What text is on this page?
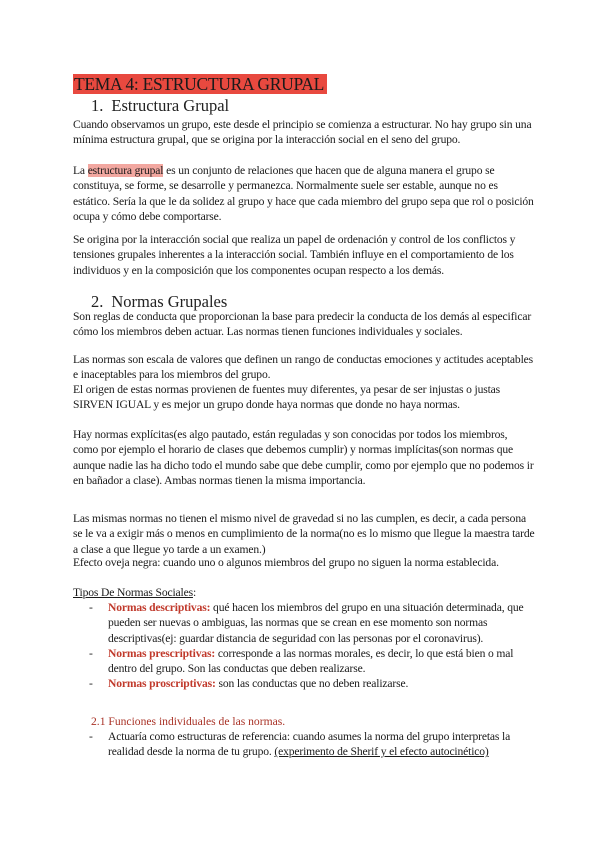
TEMA 4: ESTRUCTURA GRUPAL
1. Estructura Grupal

Cuando observamos un grupo, este desde el principio se comienza a estructurar. No hay grupo sin una mínima estructura grupal, que se origina por la interacción social en el seno del grupo.

La estructura grupal es un conjunto de relaciones que hacen que de alguna manera el grupo se constituya, se forme, se desarrolle y permanezca. Normalmente suele ser estable, aunque no es estático. Sería la que le da solidez al grupo y hace que cada miembro del grupo sepa que rol o posición ocupa y cómo debe comportarse.

Se origina por la interacción social que realiza un papel de ordenación y control de los conflictos y tensiones grupales inherentes a la interacción social. También influye en el comportamiento de los individuos y en la composición que los componentes ocupan respecto a los demás.

2. Normas Grupales

Son reglas de conducta que proporcionan la base para predecir la conducta de los demás al especificar cómo los miembros deben actuar. Las normas tienen funciones individuales y sociales.

Las normas son escala de valores que definen un rango de conductas emociones y actitudes aceptables e inaceptables para los miembros del grupo.

El origen de estas normas provienen de fuentes muy diferentes, ya pesar de ser injustas o justas SIRVEN IGUAL y es mejor un grupo donde haya normas que donde no haya normas.

Hay normas explícitas(es algo pautado, están reguladas y son conocidas por todos los miembros, como por ejemplo el horario de clases que debemos cumplir) y normas implícitas(son normas que aunque nadie las ha dicho todo el mundo sabe que debe cumplir, como por ejemplo que no podemos ir en bañador a clase). Ambas normas tienen la misma importancia.

Las mismas normas no tienen el mismo nivel de gravedad si no las cumplen, es decir, a cada persona se le va a exigir más o menos en cumplimiento de la norma(no es lo mismo que llegue la maestra tarde a clase a que llegue yo tarde a un examen.)

Efecto oveja negra: cuando uno o algunos miembros del grupo no siguen la norma establecida.

Tipos De Normas Sociales:

- Normas descriptivas: qué hacen los miembros del grupo en una situación determinada, que pueden ser nuevas o ambiguas, las normas que se crean en ese momento son normas descriptivas(ej: guardar distancia de seguridad con las personas por el coronavirus).
- Normas prescriptivas: corresponde a las normas morales, es decir, lo que está bien o mal dentro del grupo. Son las conductas que deben realizarse.
- Normas proscriptivas: son las conductas que no deben realizarse.
2.1 Funciones individuales de las normas.
- Actuaría como estructuras de referencia: cuando asumes la norma del grupo interpretas la realidad desde la norma de tu grupo. (experimento de Sherif y el efecto autocinético)
